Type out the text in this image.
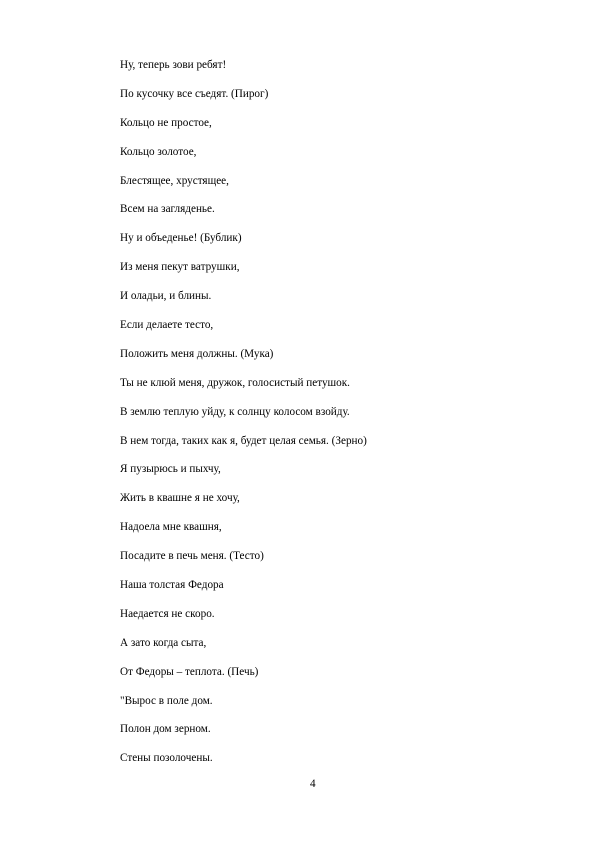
Ну, теперь зови ребят!
По кусочку все съедят. (Пирог)
Кольцо не простое,
Кольцо золотое,
Блестящее, хрустящее,
Всем на загляденье.
Ну и объеденье! (Бублик)
Из меня пекут ватрушки,
И оладьи, и блины.
Если делаете тесто,
Положить меня должны. (Мука)
Ты не клюй меня, дружок, голосистый петушок.
В землю теплую уйду, к солнцу колосом взойду.
В нем тогда, таких как я, будет целая семья. (Зерно)
Я пузырюсь и пыхчу,
Жить в квашне я не хочу,
Надоела мне квашня,
Посадите в печь меня. (Тесто)
Наша толстая Федора
Наедается не скоро.
А зато когда сыта,
От Федоры – теплота. (Печь)
"Вырос в поле дом.
Полон дом зерном.
Стены позолочены.
4
